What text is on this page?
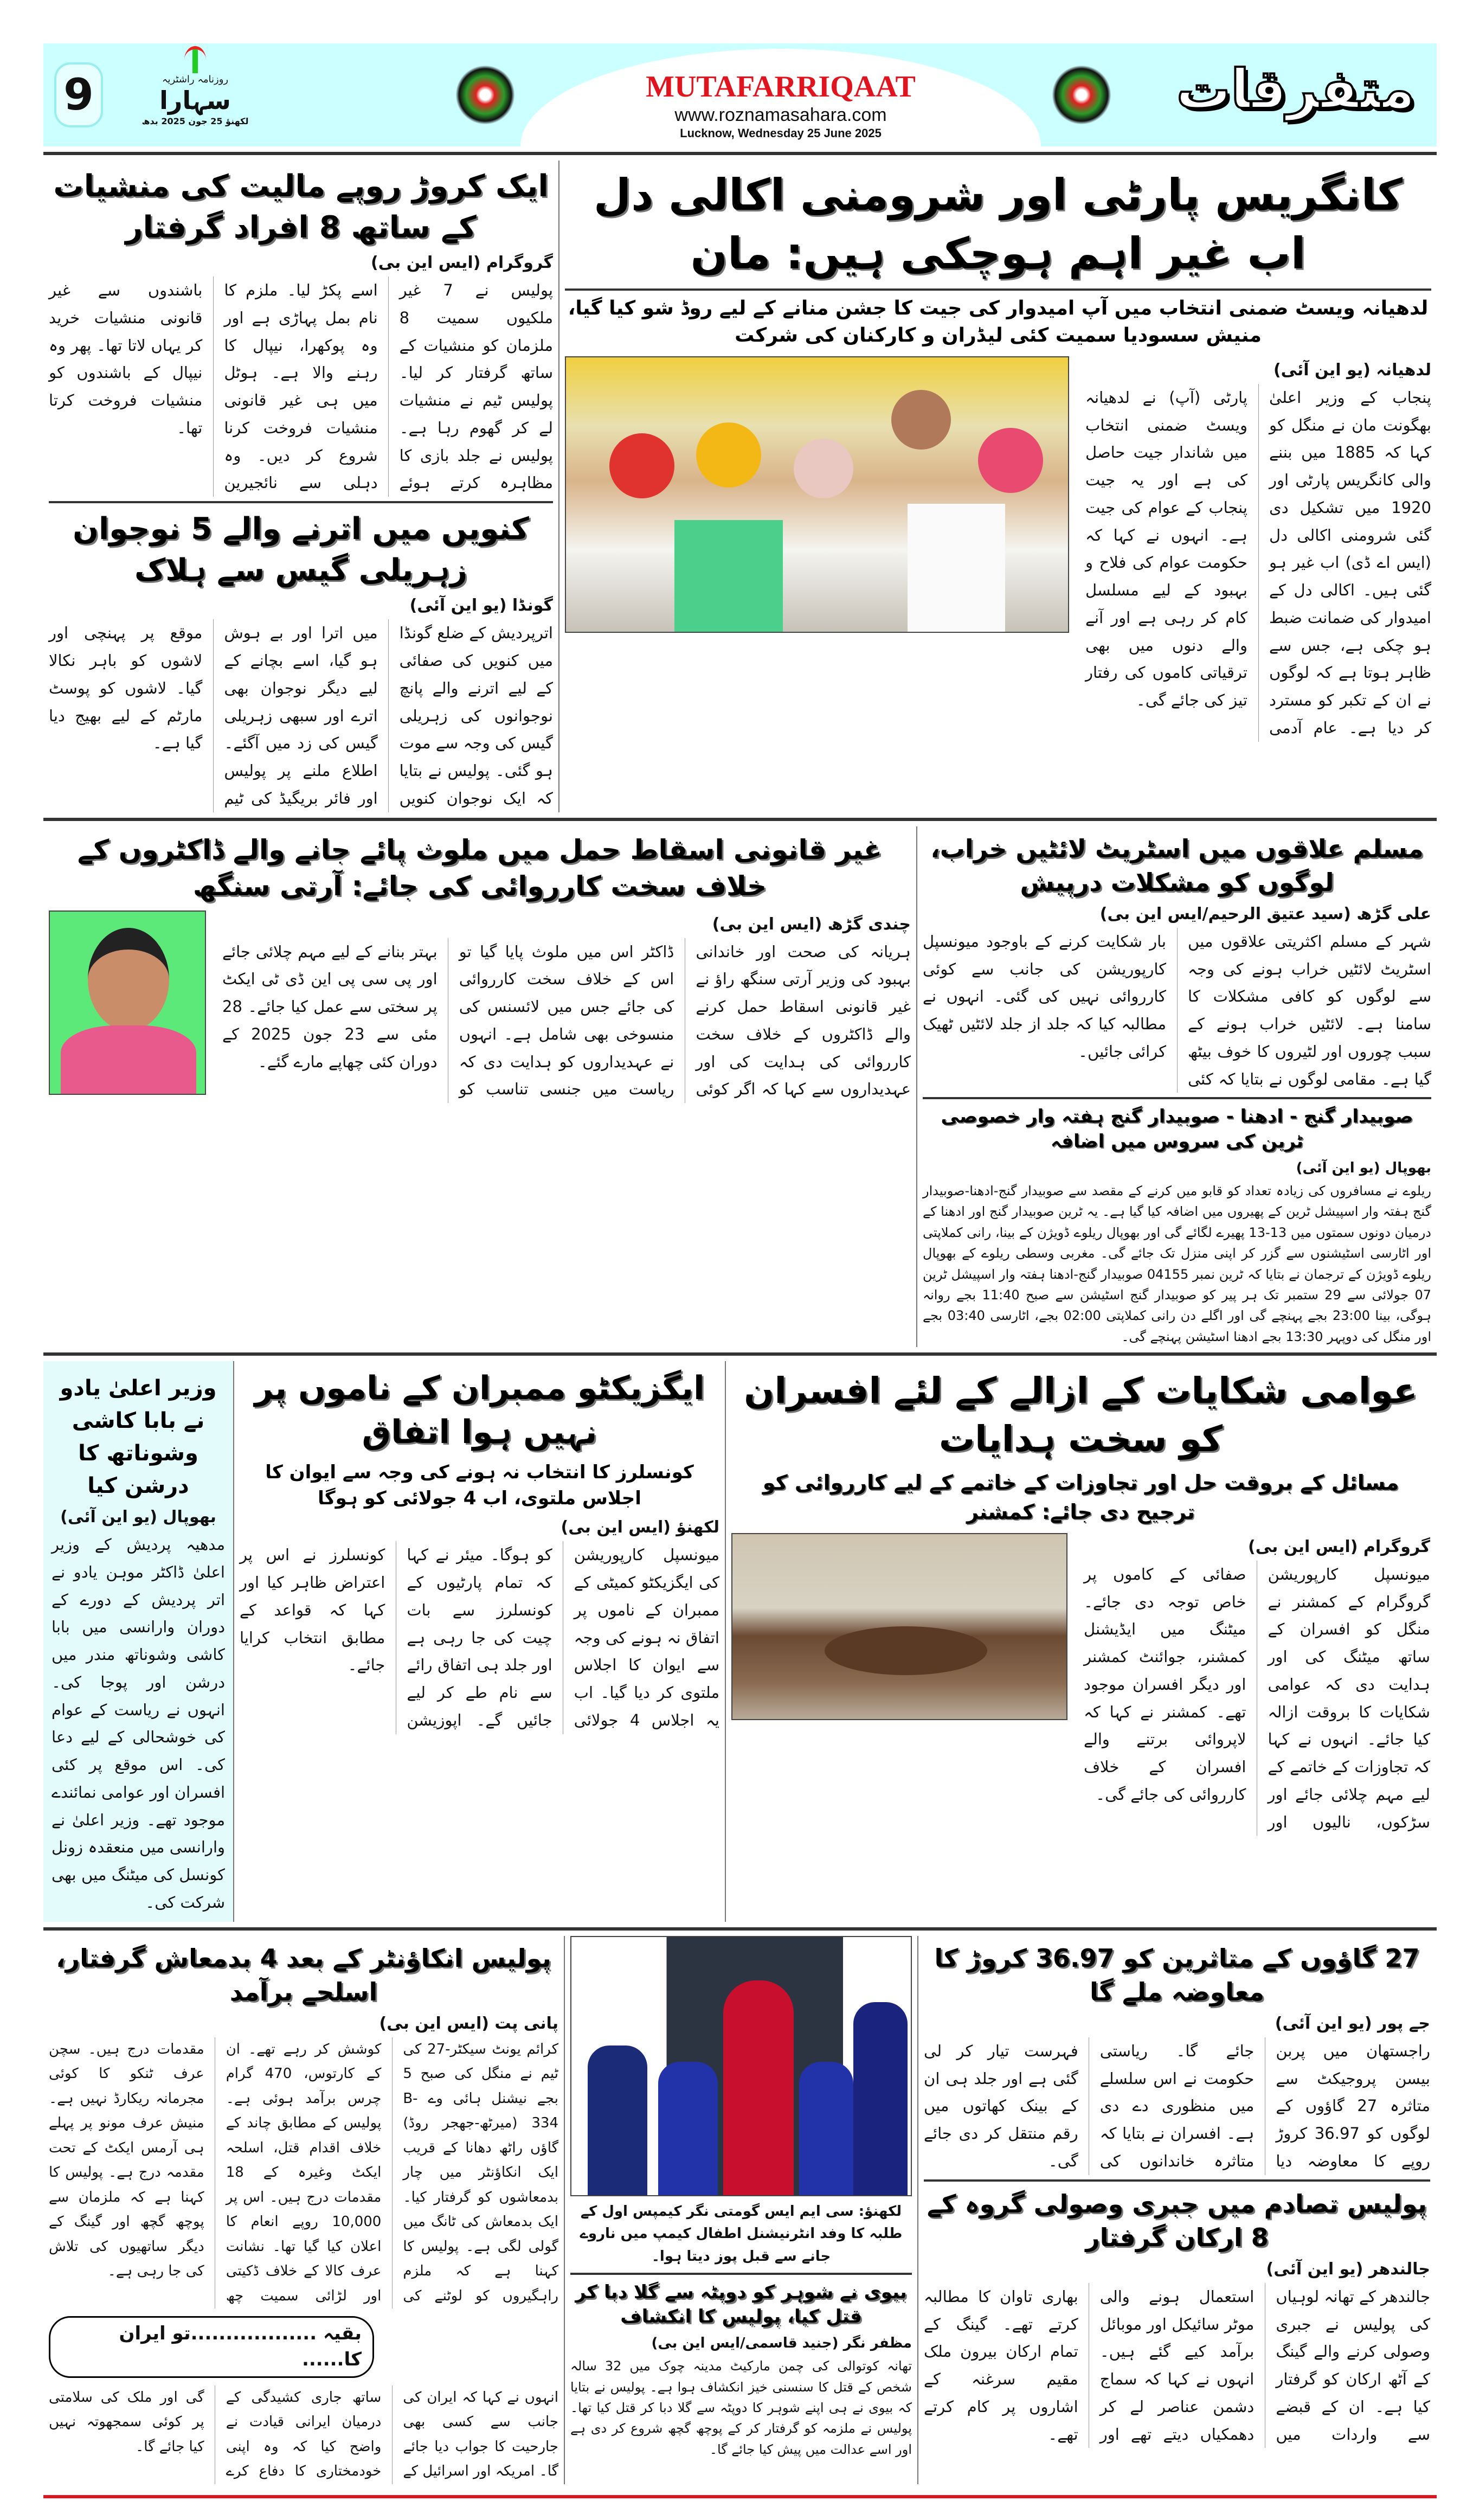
9	روزنامہ راشٹریہ
سہارا
لکھنؤ 25 جون 2025 بدھ
MUTAFARRIQAAT
www.roznamasahara.com
Lucknow, Wednesday 25 June 2025
متفرقات
ایک کروڑ روپے مالیت کی منشیات کے ساتھ 8 افراد گرفتار
گروگرام (ایس این بی)
پولیس نے 7 غیر ملکیوں سمیت 8 ملزمان کو منشیات کے ساتھ گرفتار کر لیا۔ پولیس ٹیم نے منشیات لے کر گھوم رہا ہے۔ پولیس نے جلد بازی کا مظاہرہ کرتے ہوئے اسے پکڑ لیا۔ ملزم کا نام بمل پہاڑی ہے اور وہ پوکھرا، نیپال کا رہنے والا ہے۔ ہوٹل میں ہی غیر قانونی منشیات فروخت کرنا شروع کر دیں۔ وہ دہلی سے نائجیرین باشندوں سے غیر قانونی منشیات خرید کر یہاں لاتا تھا۔ پھر وہ نیپال کے باشندوں کو منشیات فروخت کرتا تھا۔
کنویں میں اترنے والے 5 نوجوان زہریلی گیس سے ہلاک
گونڈا (یو این آئی)
اترپردیش کے ضلع گونڈا میں کنویں کی صفائی کے لیے اترنے والے پانچ نوجوانوں کی زہریلی گیس کی وجہ سے موت ہو گئی۔ پولیس نے بتایا کہ ایک نوجوان کنویں میں اترا اور بے ہوش ہو گیا، اسے بچانے کے لیے دیگر نوجوان بھی اترے اور سبھی زہریلی گیس کی زد میں آگئے۔ اطلاع ملنے پر پولیس اور فائر بریگیڈ کی ٹیم موقع پر پہنچی اور لاشوں کو باہر نکالا گیا۔ لاشوں کو پوسٹ مارٹم کے لیے بھیج دیا گیا ہے۔
کانگریس پارٹی اور شرومنی اکالی دل اب غیر اہم ہوچکی ہیں: مان
لدھیانہ ویسٹ ضمنی انتخاب میں آپ امیدوار کی جیت کا جشن منانے کے لیے روڈ شو کیا گیا، منیش سسودیا سمیت کئی لیڈران و کارکنان کی شرکت
لدھیانہ (یو این آئی)
پنجاب کے وزیر اعلیٰ بھگونت مان نے منگل کو کہا کہ 1885 میں بننے والی کانگریس پارٹی اور 1920 میں تشکیل دی گئی شرومنی اکالی دل (ایس اے ڈی) اب غیر ہو گئی ہیں۔ اکالی دل کے امیدوار کی ضمانت ضبط ہو چکی ہے، جس سے ظاہر ہوتا ہے کہ لوگوں نے ان کے تکبر کو مسترد کر دیا ہے۔ عام آدمی پارٹی (آپ) نے لدھیانہ ویسٹ ضمنی انتخاب میں شاندار جیت حاصل کی ہے اور یہ جیت پنجاب کے عوام کی جیت ہے۔ انہوں نے کہا کہ حکومت عوام کی فلاح و بہبود کے لیے مسلسل کام کر رہی ہے اور آنے والے دنوں میں بھی ترقیاتی کاموں کی رفتار تیز کی جائے گی۔
غیر قانونی اسقاط حمل میں ملوث پائے جانے والے ڈاکٹروں کے خلاف سخت کارروائی کی جائے: آرتی سنگھ
چندی گڑھ (ایس این بی)
ہریانہ کی صحت اور خاندانی بہبود کی وزیر آرتی سنگھ راؤ نے غیر قانونی اسقاط حمل کرنے والے ڈاکٹروں کے خلاف سخت کارروائی کی ہدایت کی اور عہدیداروں سے کہا کہ اگر کوئی ڈاکٹر اس میں ملوث پایا گیا تو اس کے خلاف سخت کارروائی کی جائے جس میں لائسنس کی منسوخی بھی شامل ہے۔ انہوں نے عہدیداروں کو ہدایت دی کہ ریاست میں جنسی تناسب کو بہتر بنانے کے لیے مہم چلائی جائے اور پی سی پی این ڈی ٹی ایکٹ پر سختی سے عمل کیا جائے۔ 28 مئی سے 23 جون 2025 کے دوران کئی چھاپے مارے گئے۔
مسلم علاقوں میں اسٹریٹ لائٹیں خراب، لوگوں کو مشکلات درپیش
علی گڑھ (سید عتیق الرحیم/ایس این بی)
شہر کے مسلم اکثریتی علاقوں میں اسٹریٹ لائٹیں خراب ہونے کی وجہ سے لوگوں کو کافی مشکلات کا سامنا ہے۔ لائٹیں خراب ہونے کے سبب چوروں اور لٹیروں کا خوف بیٹھ گیا ہے۔ مقامی لوگوں نے بتایا کہ کئی بار شکایت کرنے کے باوجود میونسپل کارپوریشن کی جانب سے کوئی کارروائی نہیں کی گئی۔ انہوں نے مطالبہ کیا کہ جلد از جلد لائٹیں ٹھیک کرائی جائیں۔
صوبیدار گنج - ادھنا - صوبیدار گنج ہفتہ وار خصوصی ٹرین کی سروس میں اضافہ
بھوپال (یو این آئی)
ریلوے نے مسافروں کی زیادہ تعداد کو قابو میں کرنے کے مقصد سے صوبیدار گنج-ادھنا-صوبیدار گنج ہفتہ وار اسپیشل ٹرین کے پھیروں میں اضافہ کیا گیا ہے۔ یہ ٹرین صوبیدار گنج اور ادھنا کے درمیان دونوں سمتوں میں 13-13 پھیرے لگائے گی اور بھوپال ریلوے ڈویژن کے بینا، رانی کملاپتی اور اٹارسی اسٹیشنوں سے گزر کر اپنی منزل تک جائے گی۔ مغربی وسطی ریلوے کے بھوپال ریلوے ڈویژن کے ترجمان نے بتایا کہ ٹرین نمبر 04155 صوبیدار گنج-ادھنا ہفتہ وار اسپیشل ٹرین 07 جولائی سے 29 ستمبر تک ہر پیر کو صوبیدار گنج اسٹیشن سے صبح 11:40 بجے روانہ ہوگی، بینا 23:00 بجے پہنچے گی اور اگلے دن رانی کملاپتی 02:00 بجے، اٹارسی 03:40 بجے اور منگل کی دوپہر 13:30 بجے ادھنا اسٹیشن پہنچے گی۔
وزیر اعلیٰ یادو نے بابا کاشی وشوناتھ کا درشن کیا
بھوپال (یو این آئی)
مدھیہ پردیش کے وزیر اعلیٰ ڈاکٹر موہن یادو نے اتر پردیش کے دورے کے دوران وارانسی میں بابا کاشی وشوناتھ مندر میں درشن اور پوجا کی۔ انہوں نے ریاست کے عوام کی خوشحالی کے لیے دعا کی۔ اس موقع پر کئی افسران اور عوامی نمائندے موجود تھے۔ وزیر اعلیٰ نے وارانسی میں منعقدہ زونل کونسل کی میٹنگ میں بھی شرکت کی۔
ایگزیکٹو ممبران کے ناموں پر نہیں ہوا اتفاق
کونسلرز کا انتخاب نہ ہونے کی وجہ سے ایوان کا اجلاس ملتوی، اب 4 جولائی کو ہوگا
لکھنؤ (ایس این بی)
میونسپل کارپوریشن کی ایگزیکٹو کمیٹی کے ممبران کے ناموں پر اتفاق نہ ہونے کی وجہ سے ایوان کا اجلاس ملتوی کر دیا گیا۔ اب یہ اجلاس 4 جولائی کو ہوگا۔ میئر نے کہا کہ تمام پارٹیوں کے کونسلرز سے بات چیت کی جا رہی ہے اور جلد ہی اتفاق رائے سے نام طے کر لیے جائیں گے۔ اپوزیشن کونسلرز نے اس پر اعتراض ظاہر کیا اور کہا کہ قواعد کے مطابق انتخاب کرایا جائے۔
عوامی شکایات کے ازالے کے لئے افسران کو سخت ہدایات
مسائل کے بروقت حل اور تجاوزات کے خاتمے کے لیے کارروائی کو ترجیح دی جائے: کمشنر
گروگرام (ایس این بی)
میونسپل کارپوریشن گروگرام کے کمشنر نے منگل کو افسران کے ساتھ میٹنگ کی اور ہدایت دی کہ عوامی شکایات کا بروقت ازالہ کیا جائے۔ انہوں نے کہا کہ تجاوزات کے خاتمے کے لیے مہم چلائی جائے اور سڑکوں، نالیوں اور صفائی کے کاموں پر خاص توجہ دی جائے۔ میٹنگ میں ایڈیشنل کمشنر، جوائنٹ کمشنر اور دیگر افسران موجود تھے۔ کمشنر نے کہا کہ لاپروائی برتنے والے افسران کے خلاف کارروائی کی جائے گی۔
پولیس انکاؤنٹر کے بعد 4 بدمعاش گرفتار، اسلحے برآمد
پانی پت (ایس این بی)
کرائم یونٹ سیکٹر-27 کی ٹیم نے منگل کی صبح 5 بجے نیشنل ہائی وے B-334 (میرٹھ-جھجر روڈ) گاؤں راٹھ دھانا کے قریب ایک انکاؤنٹر میں چار بدمعاشوں کو گرفتار کیا۔ ایک بدمعاش کی ٹانگ میں گولی لگی ہے۔ پولیس کا کہنا ہے کہ ملزم راہگیروں کو لوٹنے کی کوشش کر رہے تھے۔ ان کے کارتوس، 470 گرام چرس برآمد ہوئی ہے۔ پولیس کے مطابق چاند کے خلاف اقدام قتل، اسلحہ ایکٹ وغیرہ کے 18 مقدمات درج ہیں۔ اس پر 10,000 روپے انعام کا اعلان کیا گیا تھا۔ نشانت عرف کالا کے خلاف ڈکیتی اور لڑائی سمیت چھ مقدمات درج ہیں۔ سچن عرف ٹنکو کا کوئی مجرمانہ ریکارڈ نہیں ہے۔ منیش عرف مونو پر پہلے ہی آرمس ایکٹ کے تحت مقدمہ درج ہے۔ پولیس کا کہنا ہے کہ ملزمان سے پوچھ گچھ اور گینگ کے دیگر ساتھیوں کی تلاش کی جا رہی ہے۔
بقیہ ..................تو ایران کا......
انہوں نے کہا کہ ایران کی جانب سے کسی بھی جارحیت کا جواب دیا جائے گا۔ امریکہ اور اسرائیل کے ساتھ جاری کشیدگی کے درمیان ایرانی قیادت نے واضح کیا کہ وہ اپنی خودمختاری کا دفاع کرے گی اور ملک کی سلامتی پر کوئی سمجھوتہ نہیں کیا جائے گا۔
لکھنؤ: سی ایم ایس گومتی نگر کیمپس اول کے طلبہ کا وفد انٹرنیشنل اطفال کیمپ میں ناروے جانے سے قبل پوز دیتا ہوا۔
بیوی نے شوہر کو دوپٹہ سے گلا دبا کر قتل کیا، پولیس کا انکشاف
مظفر نگر (جنید قاسمی/ایس این بی)
تھانہ کوتوالی کی چمن مارکیٹ مدینہ چوک میں 32 سالہ شخص کے قتل کا سنسنی خیز انکشاف ہوا ہے۔ پولیس نے بتایا کہ بیوی نے ہی اپنے شوہر کا دوپٹہ سے گلا دبا کر قتل کیا تھا۔ پولیس نے ملزمہ کو گرفتار کر کے پوچھ گچھ شروع کر دی ہے اور اسے عدالت میں پیش کیا جائے گا۔
27 گاؤوں کے متاثرین کو 36.97 کروڑ کا معاوضہ ملے گا
جے پور (یو این آئی)
راجستھان میں پربن بیسن پروجیکٹ سے متاثرہ 27 گاؤوں کے لوگوں کو 36.97 کروڑ روپے کا معاوضہ دیا جائے گا۔ ریاستی حکومت نے اس سلسلے میں منظوری دے دی ہے۔ افسران نے بتایا کہ متاثرہ خاندانوں کی فہرست تیار کر لی گئی ہے اور جلد ہی ان کے بینک کھاتوں میں رقم منتقل کر دی جائے گی۔
پولیس تصادم میں جبری وصولی گروہ کے 8 ارکان گرفتار
جالندھر (یو این آئی)
جالندھر کے تھانہ لوہیاں کی پولیس نے جبری وصولی کرنے والے گینگ کے آٹھ ارکان کو گرفتار کیا ہے۔ ان کے قبضے سے واردات میں استعمال ہونے والی موٹر سائیکل اور موبائل برآمد کیے گئے ہیں۔ انہوں نے کہا کہ سماج دشمن عناصر لے کر دھمکیاں دیتے تھے اور بھاری تاوان کا مطالبہ کرتے تھے۔ گینگ کے تمام ارکان بیرون ملک مقیم سرغنہ کے اشاروں پر کام کرتے تھے۔
